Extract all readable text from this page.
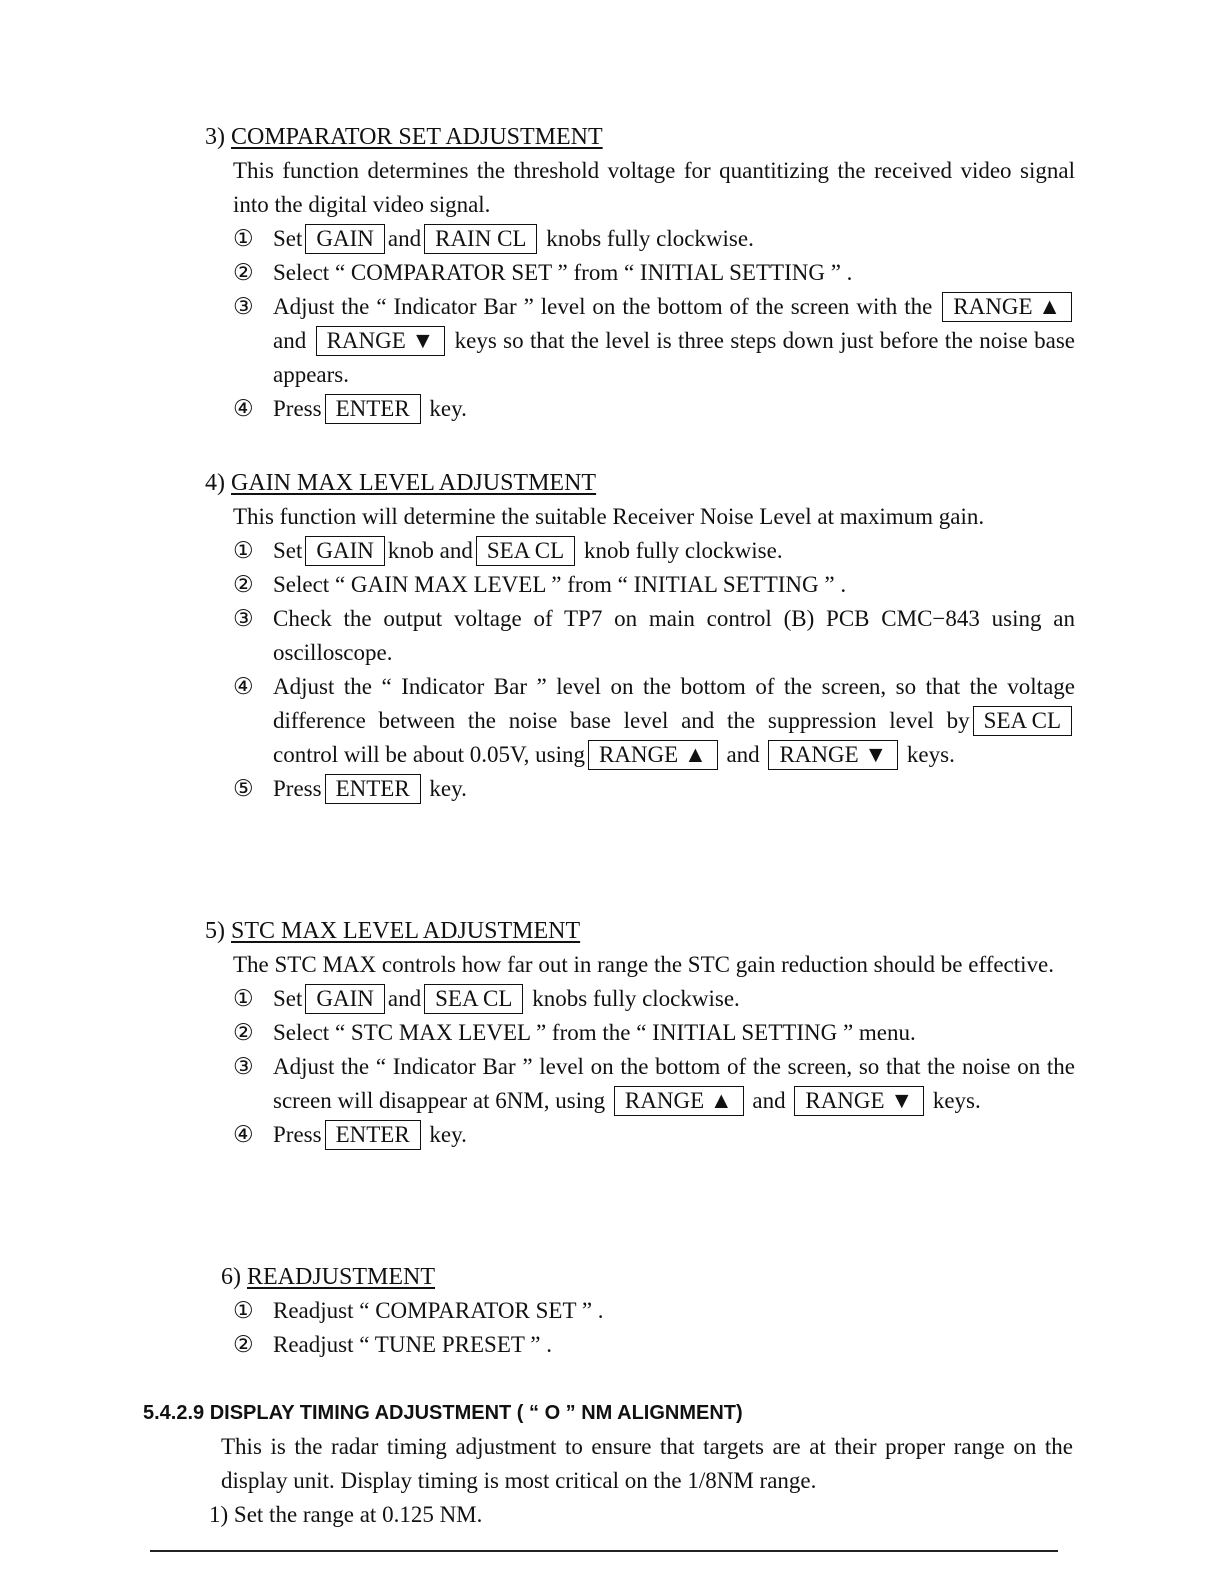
3) COMPARATOR SET ADJUSTMENT

This function determines the threshold voltage for quantitizing the received video signal into the digital video signal.

① Set GAIN and RAIN CL knobs fully clockwise.
② Select “ COMPARATOR SET ” from “ INITIAL SETTING ” .
③ Adjust the “ Indicator Bar ” level on the bottom of the screen with the RANGE ▲ and RANGE ▼ keys so that the level is three steps down just before the noise base appears.
④ Press ENTER key.
4) GAIN MAX LEVEL ADJUSTMENT

This function will determine the suitable Receiver Noise Level at maximum gain.

① Set GAIN knob and SEA CL knob fully clockwise.
② Select “ GAIN MAX LEVEL ” from “ INITIAL SETTING ” .
③ Check the output voltage of TP7 on main control (B) PCB CMC−843 using an oscilloscope.
④ Adjust the “ Indicator Bar ” level on the bottom of the screen, so that the voltage difference between the noise base level and the suppression level by SEA CL control will be about 0.05V, using RANGE ▲ and RANGE ▼ keys.
⑤ Press ENTER key.
5) STC MAX LEVEL ADJUSTMENT

The STC MAX controls how far out in range the STC gain reduction should be effective.

① Set GAIN and SEA CL knobs fully clockwise.
② Select “ STC MAX LEVEL ” from the “ INITIAL SETTING ” menu.
③ Adjust the “ Indicator Bar ” level on the bottom of the screen, so that the noise on the screen will disappear at 6NM, using RANGE ▲ and RANGE ▼ keys.
④ Press ENTER key.
6) READJUSTMENT
① Readjust “ COMPARATOR SET ” .
② Readjust “ TUNE PRESET ” .
5.4.2.9 DISPLAY TIMING ADJUSTMENT ( “ O ” NM ALIGNMENT)

This is the radar timing adjustment to ensure that targets are at their proper range on the display unit. Display timing is most critical on the 1/8NM range.

1) Set the range at 0.125 NM.
